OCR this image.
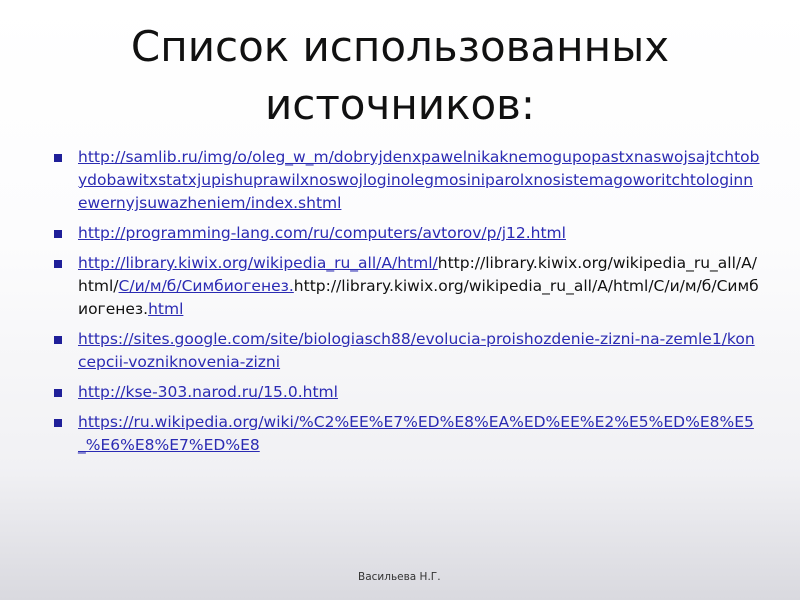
Список использованных
источников:
http://samlib.ru/img/o/oleg_w_m/dobryjdenxpawelnikaknemogupopastxnaswojsajtchtobydobawitxstatxjupishuprawilxnoswojloginolegmosiniparolxnosistemagoworitchtologinnewernyjsuwazheniem/index.shtml
http://programming-lang.com/ru/computers/avtorov/p/j12.html
http://library.kiwix.org/wikipedia_ru_all/A/html/http://library.kiwix.org/wikipedia_ru_all/A/html/С/и/м/б/Симбиогенез.http://library.kiwix.org/wikipedia_ru_all/A/html/С/и/м/б/Симбиогенез.html
https://sites.google.com/site/biologiasch88/evolucia-proishozdenie-zizni-na-zemle1/koncepcii-vozniknovenia-zizni
http://kse-303.narod.ru/15.0.html
https://ru.wikipedia.org/wiki/%C2%EE%E7%ED%E8%EA%ED%EE%E2%E5%ED%E8%E5_%E6%E8%E7%ED%E8
Васильева Н.Г.
